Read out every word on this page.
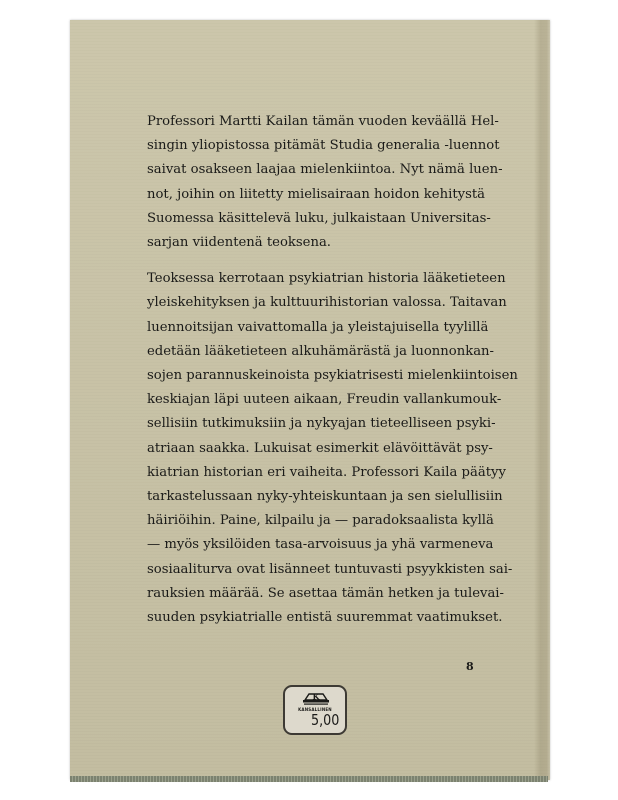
Professori Martti Kailan tämän vuoden keväällä Hel-
singin yliopistossa pitämät Studia generalia -luennot
saivat osakseen laajaa mielenkiintoa. Nyt nämä luen-
not, joihin on liitetty mielisairaan hoidon kehitystä
Suomessa käsittelevä luku, julkaistaan Universitas-
sarjan viidentenä teoksena.

Teoksessa kerrotaan psykiatrian historia lääketieteen
yleiskehityksen ja kulttuurihistorian valossa. Taitavan
luennoitsijan vaivattomalla ja yleistajuisella tyylillä
edetään lääketieteen alkuhämärästä ja luonnonkan-
sojen parannuskeinoista psykiatrisesti mielenkiintoisen
keskiajan läpi uuteen aikaan, Freudin vallankumouk-
sellisiin tutkimuksiin ja nykyajan tieteelliseen psyki-
atriaan saakka. Lukuisat esimerkit elävöittävät psy-
kiatrian historian eri vaiheita. Professori Kaila päätyy
tarkastelussaan nyky-yhteiskuntaan ja sen sielullisiin
häiriöihin. Paine, kilpailu ja — paradoksaalista kyllä
— myös yksilöiden tasa-arvoisuus ja yhä varmeneva
sosiaaliturva ovat lisänneet tuntuvasti psyykkisten sai-
rauksien määrää. Se asettaa tämän hetken ja tulevai-
suuden psykiatrialle entistä suuremmat vaatimukset.

8
K
KANSALLINEN
5,00
